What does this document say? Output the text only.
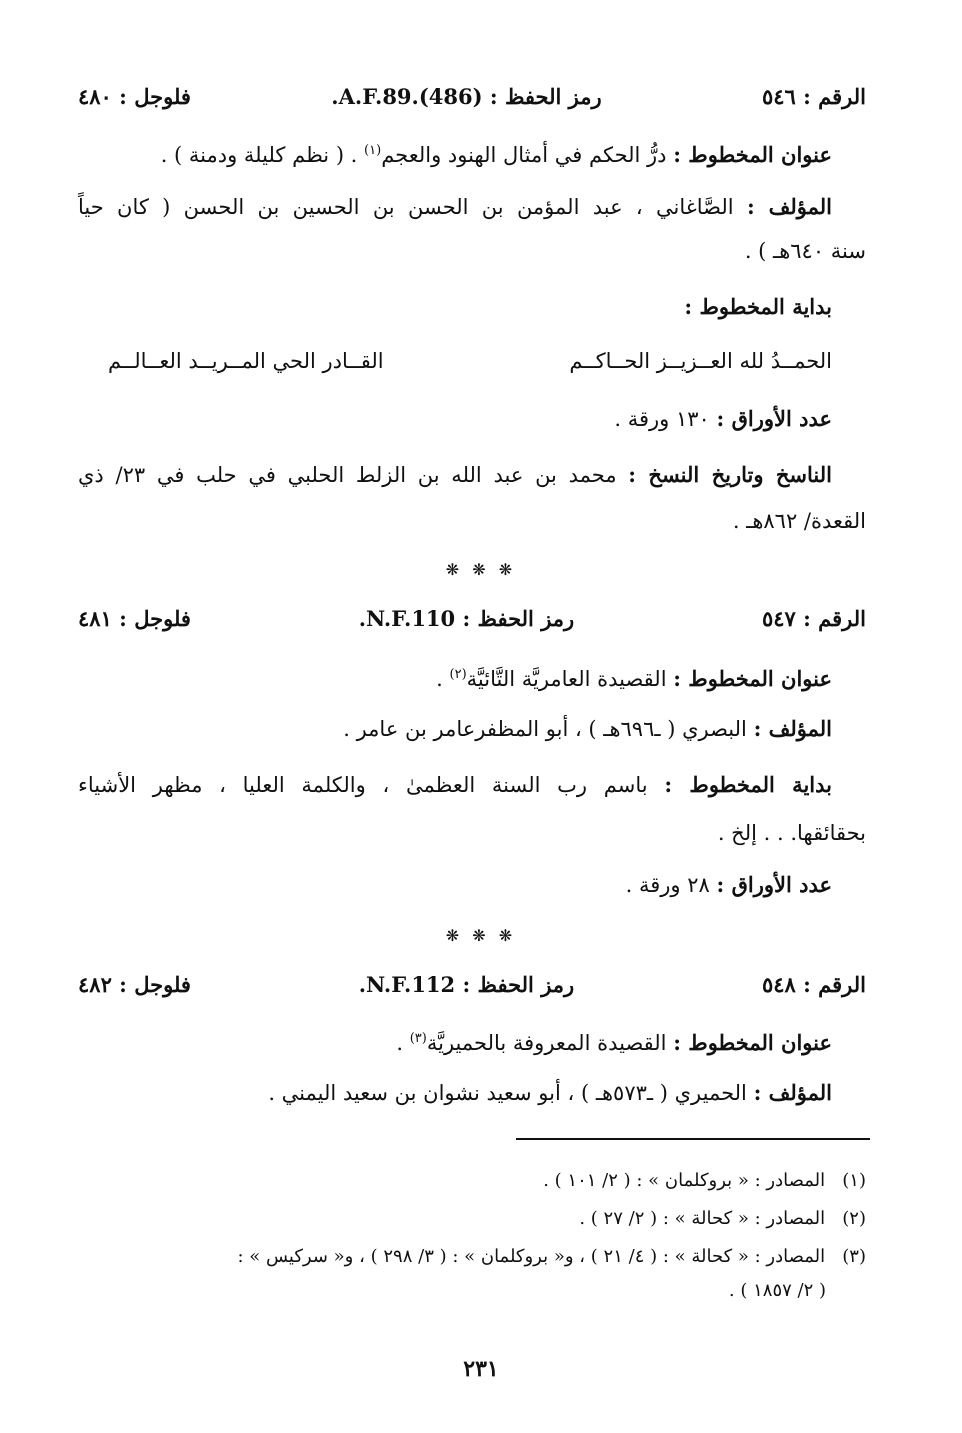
الرقم : ٥٤٦
رمز الحفظ : A.F.89.(486).
فلوجل : ٤٨٠
عنوان المخطوط : درُّ الحكم في أمثال الهنود والعجم$^{(١)}$ . ( نظم كليلة ودمنة ) .
المؤلف : الصَّاغاني ، عبد المؤمن بن الحسن بن الحسين بن الحسن ( كان حياً
سنة ٦٤٠هـ ) .
بداية المخطوط :
الحمــدُ لله العــزيــز الحــاكــم
القــادر الحي المــريــد العــالــم
عدد الأوراق : ١٣٠ ورقة .
الناسخ وتاريخ النسخ : محمد بن عبد الله بن الزلط الحلبي في حلب في ٢٣/ ذي
القعدة/ ٨٦٢هـ .
❋ ❋ ❋
الرقم : ٥٤٧
رمز الحفظ : N.F.110.
فلوجل : ٤٨١
عنوان المخطوط : القصيدة العامريَّة التَّائيَّة$^{(٢)}$ .
المؤلف : البصري ( ـ٦٩٦هـ ) ، أبو المظفرعامر بن عامر .
بداية المخطوط : باسم رب السنة العظمىٰ ، والكلمة العليا ، مظهر الأشياء
بحقائقها. . . إلخ .
عدد الأوراق : ٢٨ ورقة .
❋ ❋ ❋
الرقم : ٥٤٨
رمز الحفظ : N.F.112.
فلوجل : ٤٨٢
عنوان المخطوط : القصيدة المعروفة بالحميريَّة$^{(٣)}$ .
المؤلف : الحميري ( ـ٥٧٣هـ ) ، أبو سعيد نشوان بن سعيد اليمني .
(١)   المصادر : « بروكلمان » : ( ٢/ ١٠١ ) .
(٢)   المصادر : « كحالة » : ( ٢/ ٢٧ ) .
(٣)   المصادر : « كحالة » : ( ٤/ ٢١ ) ، و« بروكلمان » : ( ٣/ ٢٩٨ ) ، و« سركيس » :
( ٢/ ١٨٥٧ ) .
٢٣١
